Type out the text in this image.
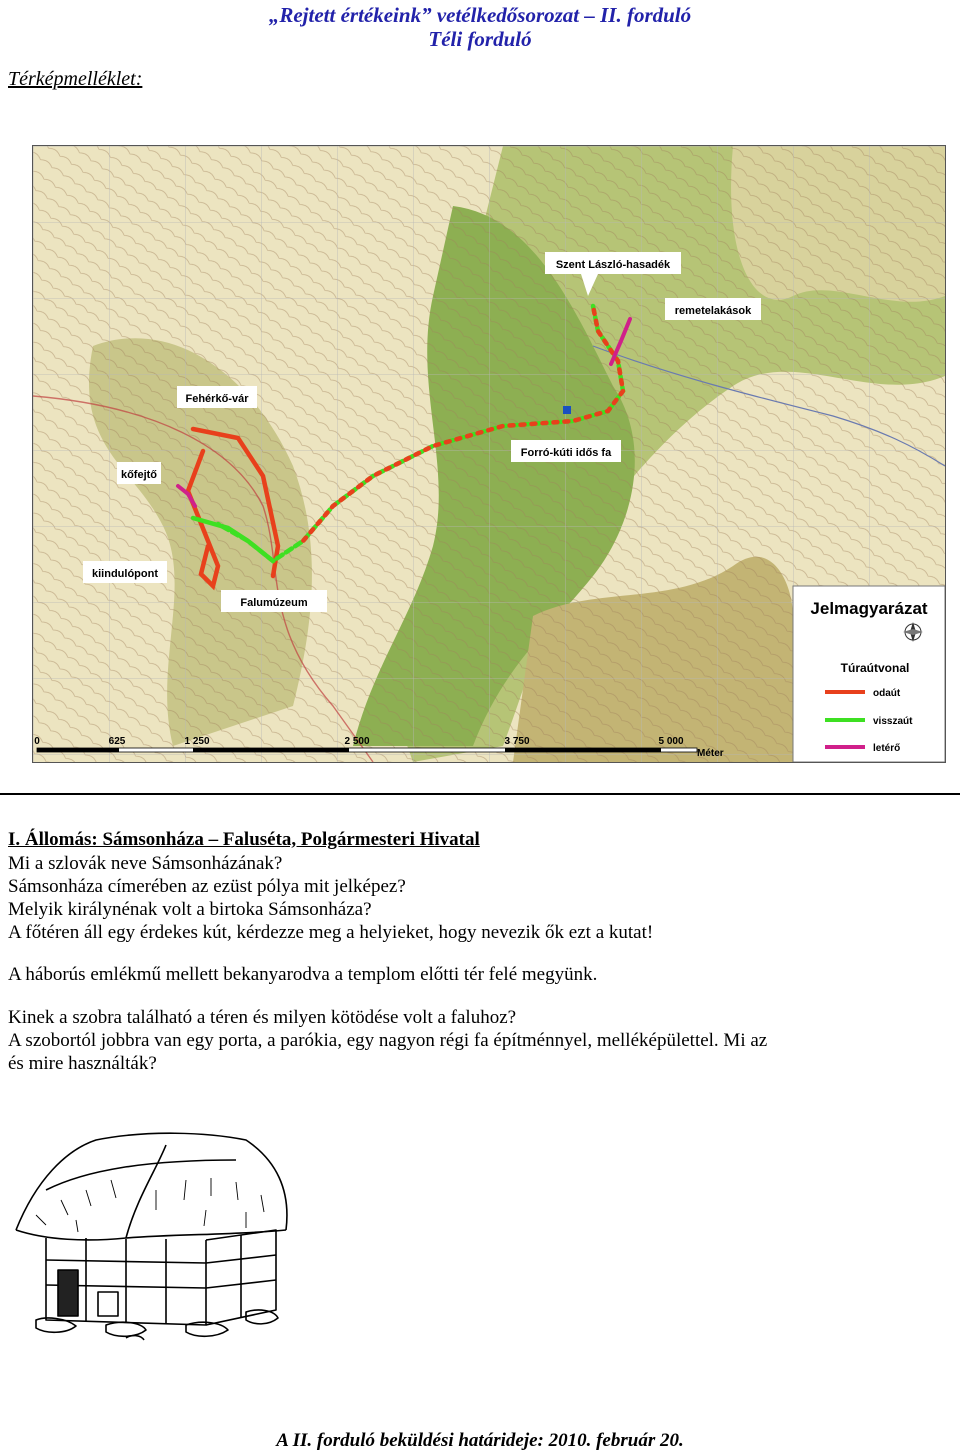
„Rejtett értékeink” vetélkedősorozat – II. forduló
Téli forduló
Térképmelléklet:
Szent László-hasadék
remetelakások
Fehérkő-vár
kőfejtő
Forró-kúti idős fa
kiindulópont
Falumúzeum	Jelmagyarázat
Túraútvonal
odaút
visszaút
letérő
0	625	1 250	2 500	3 750	5 000
Méter
I. Állomás: Sámsonháza – Faluséta, Polgármesteri Hivatal
Mi a szlovák neve Sámsonházának?
Sámsonháza címerében az ezüst pólya mit jelképez?
Melyik királynénak volt a birtoka Sámsonháza?
A főtéren áll egy érdekes kút, kérdezze meg a helyieket, hogy nevezik ők ezt a kutat!
A háborús emlékmű mellett bekanyarodva a templom előtti tér felé megyünk.
Kinek a szobra található a téren és milyen kötödése volt a faluhoz?
A szobortól jobbra van egy porta, a parókia, egy nagyon régi fa építménnyel, melléképülettel. Mi az
és mire használták?
A II. forduló beküldési határideje: 2010. február 20.
